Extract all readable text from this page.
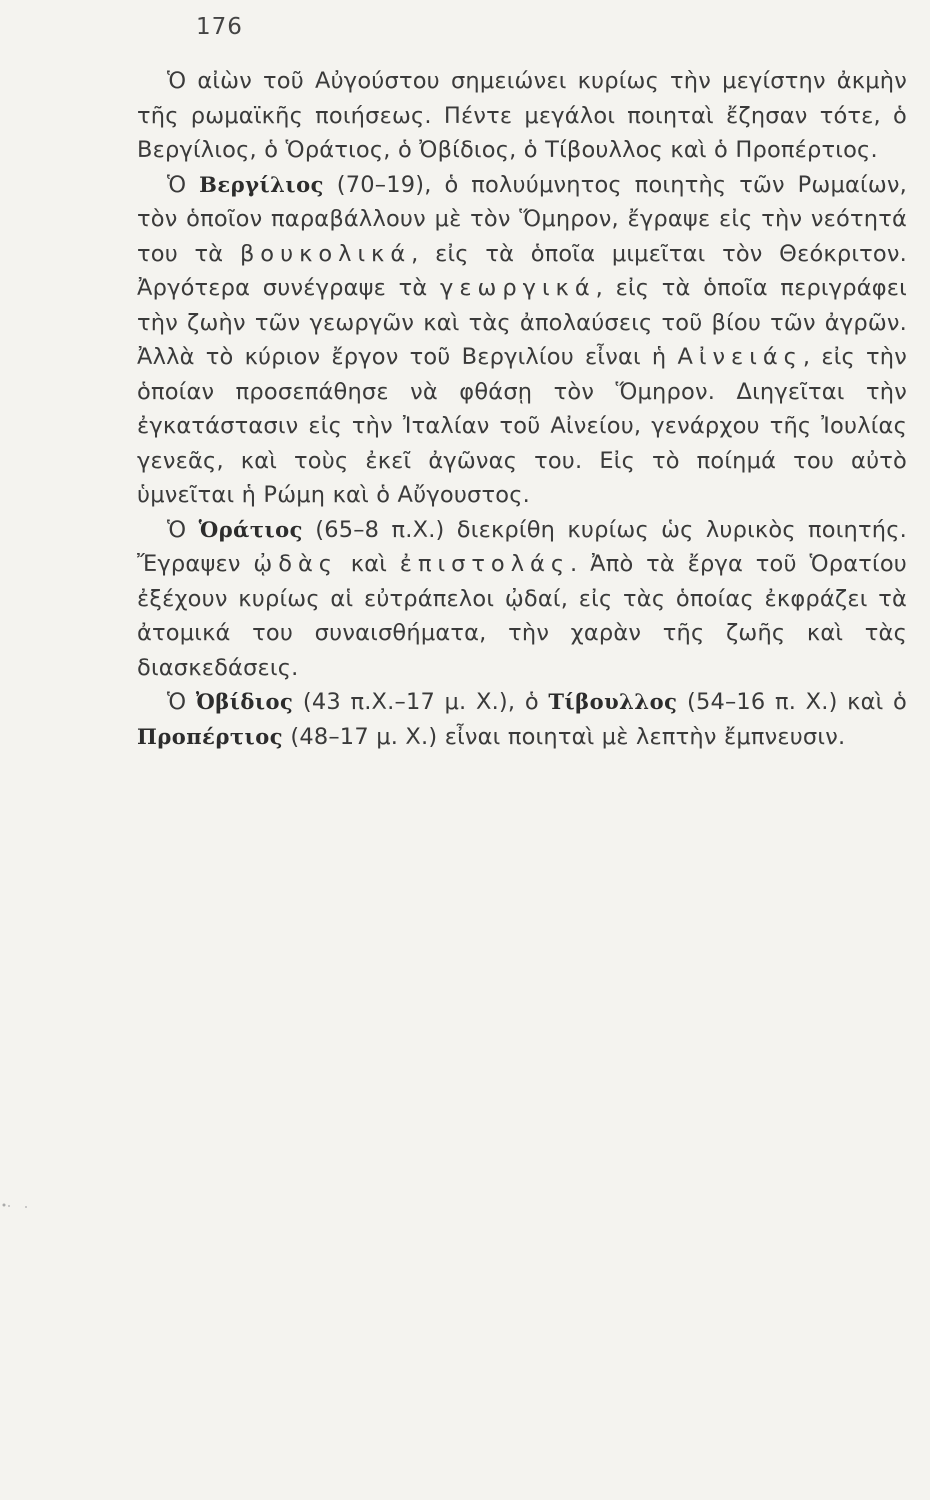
176

Ὁ αἰὼν τοῦ Αὐγούστου σημειώνει κυρίως τὴν μεγίστην ἀκμὴν τῆς ρωμαϊκῆς ποιήσεως. Πέντε μεγάλοι ποιηταὶ ἔζησαν τότε, ὁ Βεργίλιος, ὁ Ὁράτιος, ὁ Ὀβίδιος, ὁ Τίβουλλος καὶ ὁ Προπέρτιος.

Ὁ Βεργίλιος (70–19), ὁ πολυύμνητος ποιητὴς τῶν Ρωμαίων, τὸν ὁποῖον παραβάλλουν μὲ τὸν Ὅμηρον, ἔγραψε εἰς τὴν νεότητά του τὰ βουκολικά, εἰς τὰ ὁποῖα μιμεῖται τὸν Θεόκριτον. Ἀργότερα συνέγραψε τὰ γεωργικά, εἰς τὰ ὁποῖα περιγράφει τὴν ζωὴν τῶν γεωργῶν καὶ τὰς ἀπολαύσεις τοῦ βίου τῶν ἀγρῶν. Ἀλλὰ τὸ κύριον ἔργον τοῦ Βεργιλίου εἶναι ἡ Αἰνειάς, εἰς τὴν ὁποίαν προσεπάθησε νὰ φθάσῃ τὸν Ὅμηρον. Διηγεῖται τὴν ἐγκατάστασιν εἰς τὴν Ἰταλίαν τοῦ Αἰνείου, γενάρχου τῆς Ἰουλίας γενεᾶς, καὶ τοὺς ἐκεῖ ἀγῶνας του. Εἰς τὸ ποίημά του αὐτὸ ὑμνεῖται ἡ Ρώμη καὶ ὁ Αὔγουστος.

Ὁ Ὁράτιος (65–8 π.Χ.) διεκρίθη κυρίως ὡς λυρικὸς ποιητής. Ἔγραψεν ᾠδὰς καὶ ἐπιστολάς. Ἀπὸ τὰ ἔργα τοῦ Ὁρατίου ἐξέχουν κυρίως αἱ εὐτράπελοι ᾠδαί, εἰς τὰς ὁποίας ἐκφράζει τὰ ἀτομικά του συναισθήματα, τὴν χαρὰν τῆς ζωῆς καὶ τὰς διασκεδάσεις.

Ὁ Ὀβίδιος (43 π.Χ.–17 μ. Χ.), ὁ Τίβουλλος (54–16 π. Χ.) καὶ ὁ Προπέρτιος (48–17 μ. Χ.) εἶναι ποιηταὶ μὲ λεπτὴν ἔμπνευσιν.
